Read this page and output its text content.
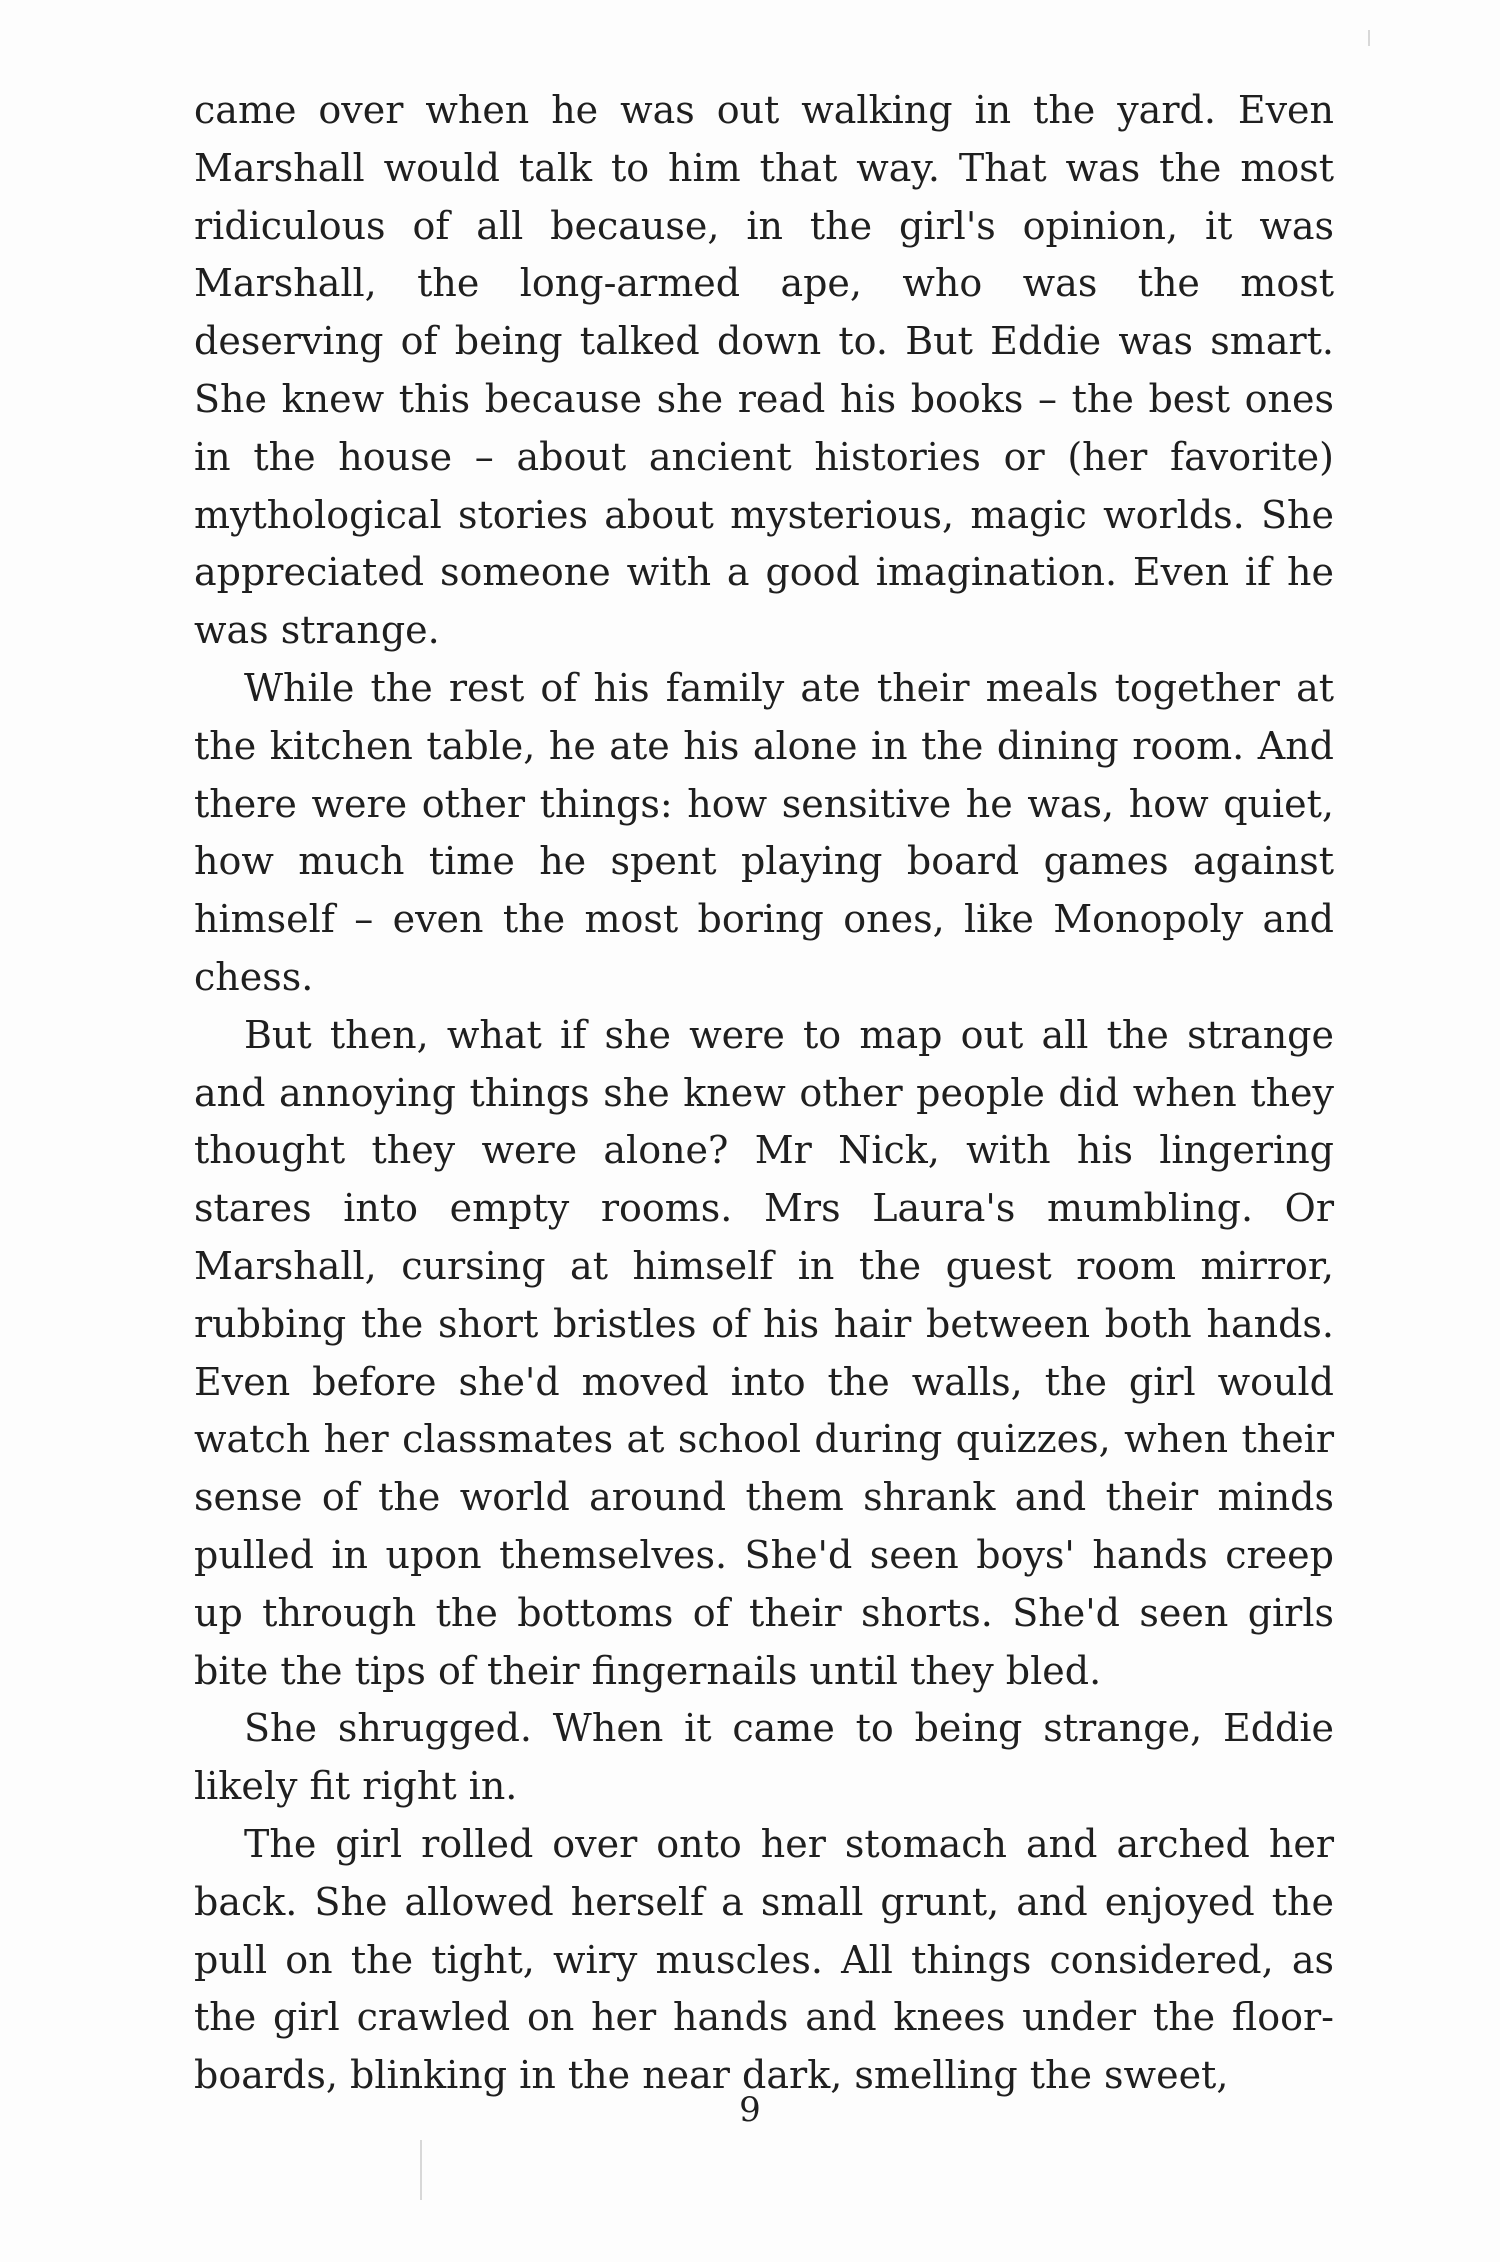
came over when he was out walking in the yard. Even Marshall would talk to him that way. That was the most ridiculous of all because, in the girl's opinion, it was Marshall, the long-armed ape, who was the most deserving of being talked down to. But Eddie was smart. She knew this because she read his books – the best ones in the house – about ancient histories or (her favorite) mythological stories about mysterious, magic worlds. She appreciated someone with a good imagination. Even if he was strange.

While the rest of his family ate their meals together at the kitchen table, he ate his alone in the dining room. And there were other things: how sensitive he was, how quiet, how much time he spent playing board games against himself – even the most boring ones, like Monopoly and chess.

But then, what if she were to map out all the strange and annoying things she knew other people did when they thought they were alone? Mr Nick, with his lingering stares into empty rooms. Mrs Laura's mumbling. Or Marshall, cursing at himself in the guest room mirror, rubbing the short bristles of his hair between both hands. Even before she'd moved into the walls, the girl would watch her classmates at school during quizzes, when their sense of the world around them shrank and their minds pulled in upon themselves. She'd seen boys' hands creep up through the bottoms of their shorts. She'd seen girls bite the tips of their fingernails until they bled.

She shrugged. When it came to being strange, Eddie likely fit right in.

The girl rolled over onto her stomach and arched her back. She allowed herself a small grunt, and enjoyed the pull on the tight, wiry muscles. All things considered, as the girl crawled on her hands and knees under the floor-boards, blinking in the near dark, smelling the sweet,

9
